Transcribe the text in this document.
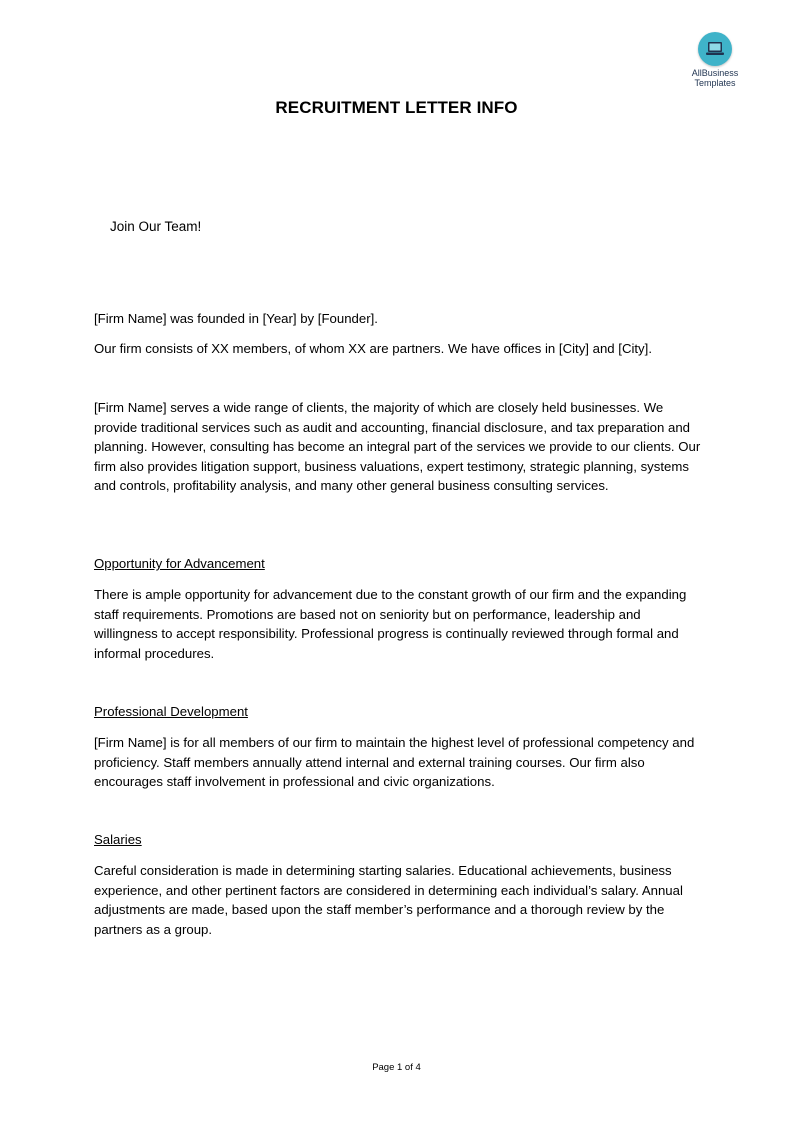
AllBusiness
Templates
RECRUITMENT LETTER INFO
Join Our Team!
[Firm Name] was founded in [Year] by [Founder].
Our firm consists of XX members, of whom XX are partners. We have offices in [City] and [City].
[Firm Name] serves a wide range of clients, the majority of which are closely held businesses. We provide traditional services such as audit and accounting, financial disclosure, and tax preparation and planning. However, consulting has become an integral part of the services we provide to our clients. Our firm also provides litigation support, business valuations, expert testimony, strategic planning, systems and controls, profitability analysis, and many other general business consulting services.
Opportunity for Advancement
There is ample opportunity for advancement due to the constant growth of our firm and the expanding staff requirements. Promotions are based not on seniority but on performance, leadership and willingness to accept responsibility. Professional progress is continually reviewed through formal and informal procedures.
Professional Development
[Firm Name] is for all members of our firm to maintain the highest level of professional competency and proficiency. Staff members annually attend internal and external training courses. Our firm also encourages staff involvement in professional and civic organizations.
Salaries
Careful consideration is made in determining starting salaries. Educational achievements, business experience, and other pertinent factors are considered in determining each individual’s salary. Annual adjustments are made, based upon the staff member’s performance and a thorough review by the partners as a group.
Page 1 of 4
